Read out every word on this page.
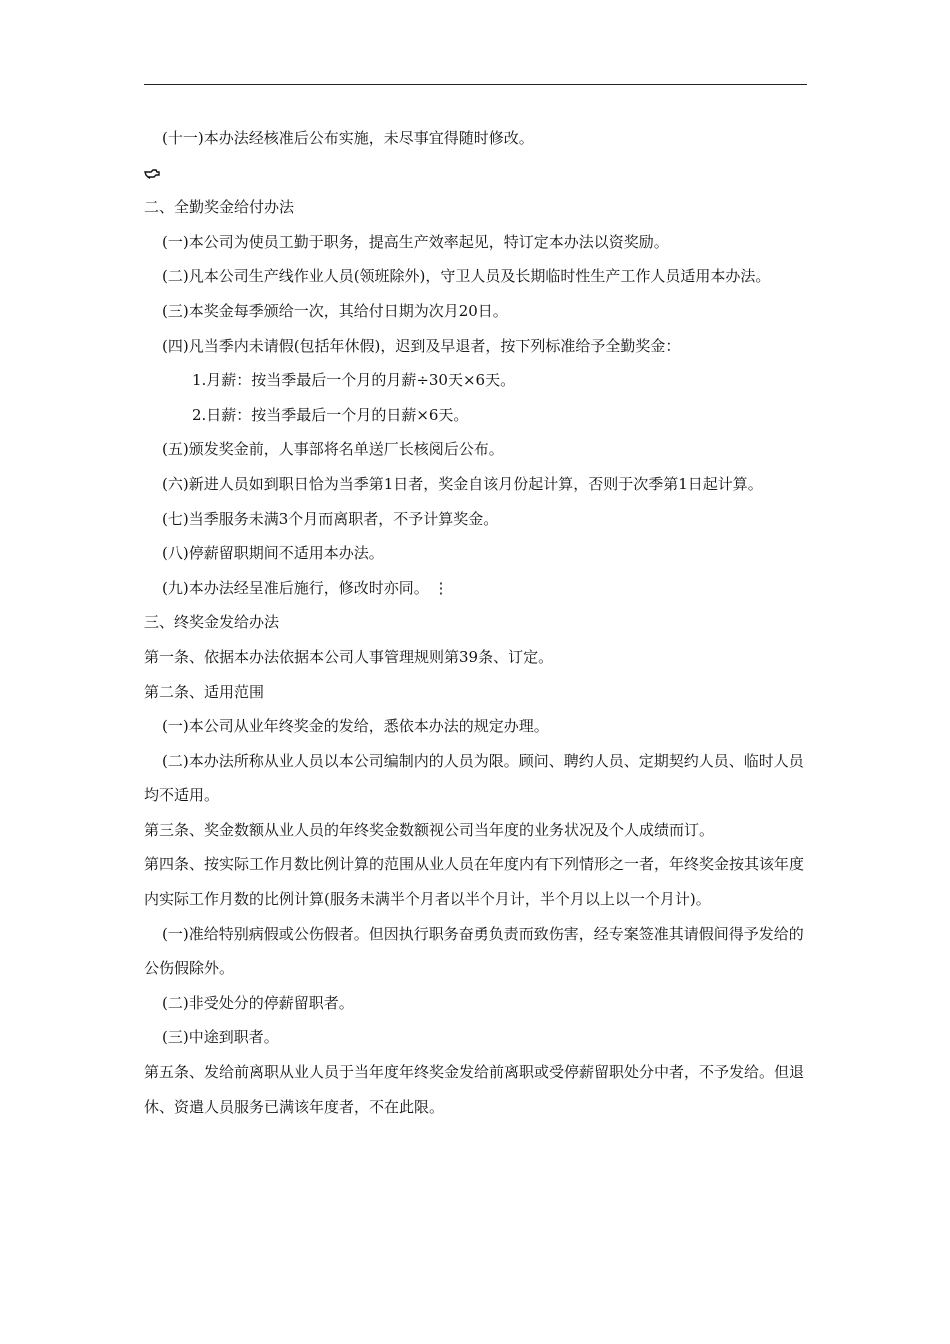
(十一)本办法经核准后公布实施，未尽事宜得随时修改。

二、全勤奖金给付办法

(一)本公司为使员工勤于职务，提高生产效率起见，特订定本办法以资奖励。

(二)凡本公司生产线作业人员(领班除外)，守卫人员及长期临时性生产工作人员适用本办法。

(三)本奖金每季颁给一次，其给付日期为次月20日。

(四)凡当季内未请假(包括年休假)，迟到及早退者，按下列标准给予全勤奖金：

1.月薪：按当季最后一个月的月薪÷30天×6天。

2.日薪：按当季最后一个月的日薪×6天。

(五)颁发奖金前，人事部将名单送厂长核阅后公布。

(六)新进人员如到职日恰为当季第1日者，奖金自该月份起计算，否则于次季第1日起计算。

(七)当季服务未满3个月而离职者，不予计算奖金。

(八)停薪留职期间不适用本办法。

(九)本办法经呈准后施行，修改时亦同。 ⋮

三、终奖金发给办法

第一条、依据本办法依据本公司人事管理规则第39条、订定。

第二条、适用范围

(一)本公司从业年终奖金的发给，悉依本办法的规定办理。

(二)本办法所称从业人员以本公司编制内的人员为限。顾问、聘约人员、定期契约人员、临时人员均不适用。

第三条、奖金数额从业人员的年终奖金数额视公司当年度的业务状况及个人成绩而订。

第四条、按实际工作月数比例计算的范围从业人员在年度内有下列情形之一者，年终奖金按其该年度内实际工作月数的比例计算(服务未满半个月者以半个月计，半个月以上以一个月计)。

(一)准给特别病假或公伤假者。但因执行职务奋勇负责而致伤害，经专案签准其请假间得予发给的公伤假除外。

(二)非受处分的停薪留职者。

(三)中途到职者。

第五条、发给前离职从业人员于当年度年终奖金发给前离职或受停薪留职处分中者，不予发给。但退休、资遣人员服务已满该年度者，不在此限。
